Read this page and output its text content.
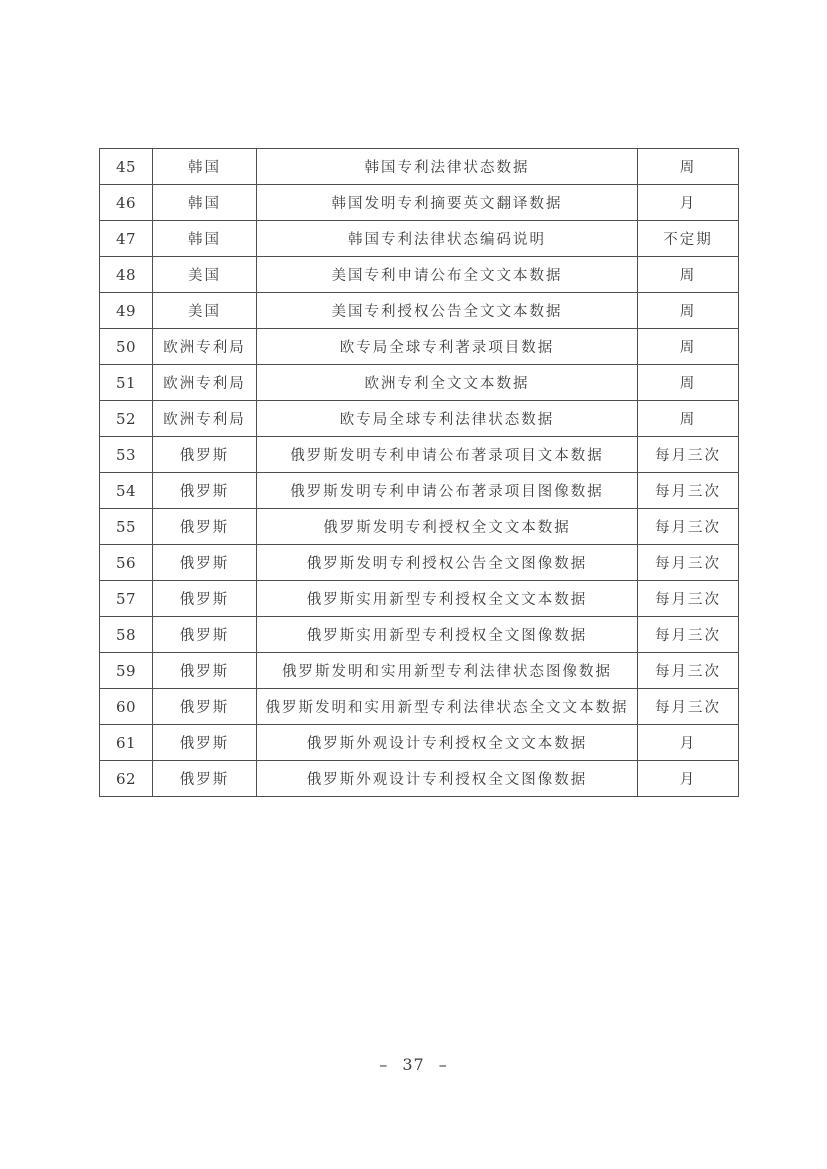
45	韩国	韩国专利法律状态数据	周
46	韩国	韩国发明专利摘要英文翻译数据	月
47	韩国	韩国专利法律状态编码说明	不定期
48	美国	美国专利申请公布全文文本数据	周
49	美国	美国专利授权公告全文文本数据	周
50	欧洲专利局	欧专局全球专利著录项目数据	周
51	欧洲专利局	欧洲专利全文文本数据	周
52	欧洲专利局	欧专局全球专利法律状态数据	周
53	俄罗斯	俄罗斯发明专利申请公布著录项目文本数据	每月三次
54	俄罗斯	俄罗斯发明专利申请公布著录项目图像数据	每月三次
55	俄罗斯	俄罗斯发明专利授权全文文本数据	每月三次
56	俄罗斯	俄罗斯发明专利授权公告全文图像数据	每月三次
57	俄罗斯	俄罗斯实用新型专利授权全文文本数据	每月三次
58	俄罗斯	俄罗斯实用新型专利授权全文图像数据	每月三次
59	俄罗斯	俄罗斯发明和实用新型专利法律状态图像数据	每月三次
60	俄罗斯	俄罗斯发明和实用新型专利法律状态全文文本数据	每月三次
61	俄罗斯	俄罗斯外观设计专利授权全文文本数据	月
62	俄罗斯	俄罗斯外观设计专利授权全文图像数据	月
– 37 –
